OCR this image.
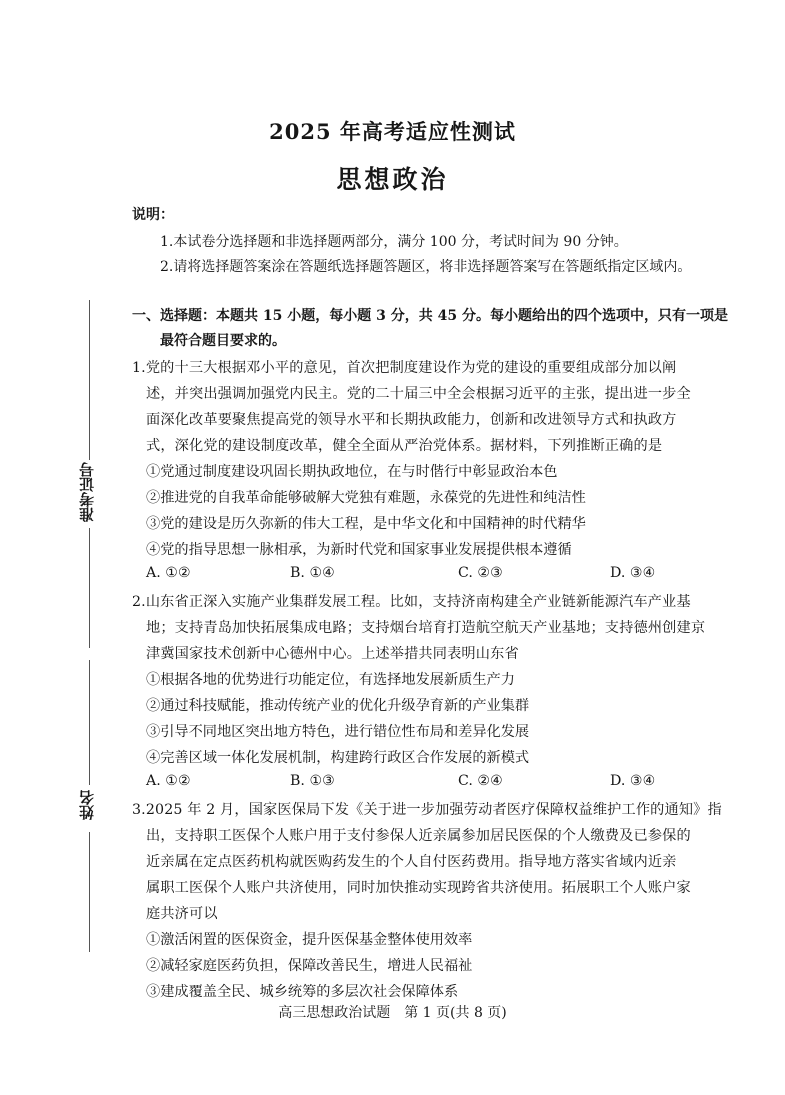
准考证号
姓名
2025 年高考适应性测试
思想政治
说明：
1.本试卷分选择题和非选择题两部分，满分 100 分，考试时间为 90 分钟。
2.请将选择题答案涂在答题纸选择题答题区，将非选择题答案写在答题纸指定区域内。
一、选择题：本题共 15 小题，每小题 3 分，共 45 分。每小题给出的四个选项中，只有一项是
最符合题目要求的。
1.党的十三大根据邓小平的意见，首次把制度建设作为党的建设的重要组成部分加以阐
述，并突出强调加强党内民主。党的二十届三中全会根据习近平的主张，提出进一步全
面深化改革要聚焦提高党的领导水平和长期执政能力，创新和改进领导方式和执政方
式，深化党的建设制度改革，健全全面从严治党体系。据材料，下列推断正确的是
①党通过制度建设巩固长期执政地位，在与时偕行中彰显政治本色
②推进党的自我革命能够破解大党独有难题，永葆党的先进性和纯洁性
③党的建设是历久弥新的伟大工程，是中华文化和中国精神的时代精华
④党的指导思想一脉相承，为新时代党和国家事业发展提供根本遵循
A. ①②	B. ①④	C. ②③	D. ③④
2.山东省正深入实施产业集群发展工程。比如，支持济南构建全产业链新能源汽车产业基
地；支持青岛加快拓展集成电路；支持烟台培育打造航空航天产业基地；支持德州创建京
津冀国家技术创新中心德州中心。上述举措共同表明山东省
①根据各地的优势进行功能定位，有选择地发展新质生产力
②通过科技赋能，推动传统产业的优化升级孕育新的产业集群
③引导不同地区突出地方特色，进行错位性布局和差异化发展
④完善区域一体化发展机制，构建跨行政区合作发展的新模式
A. ①②	B. ①③	C. ②④	D. ③④
3.2025 年 2 月，国家医保局下发《关于进一步加强劳动者医疗保障权益维护工作的通知》指
出，支持职工医保个人账户用于支付参保人近亲属参加居民医保的个人缴费及已参保的
近亲属在定点医药机构就医购药发生的个人自付医药费用。指导地方落实省域内近亲
属职工医保个人账户共济使用，同时加快推动实现跨省共济使用。拓展职工个人账户家
庭共济可以
①激活闲置的医保资金，提升医保基金整体使用效率
②减轻家庭医药负担，保障改善民生，增进人民福祉
③建成覆盖全民、城乡统筹的多层次社会保障体系
高三思想政治试题　第 1 页(共 8 页)
